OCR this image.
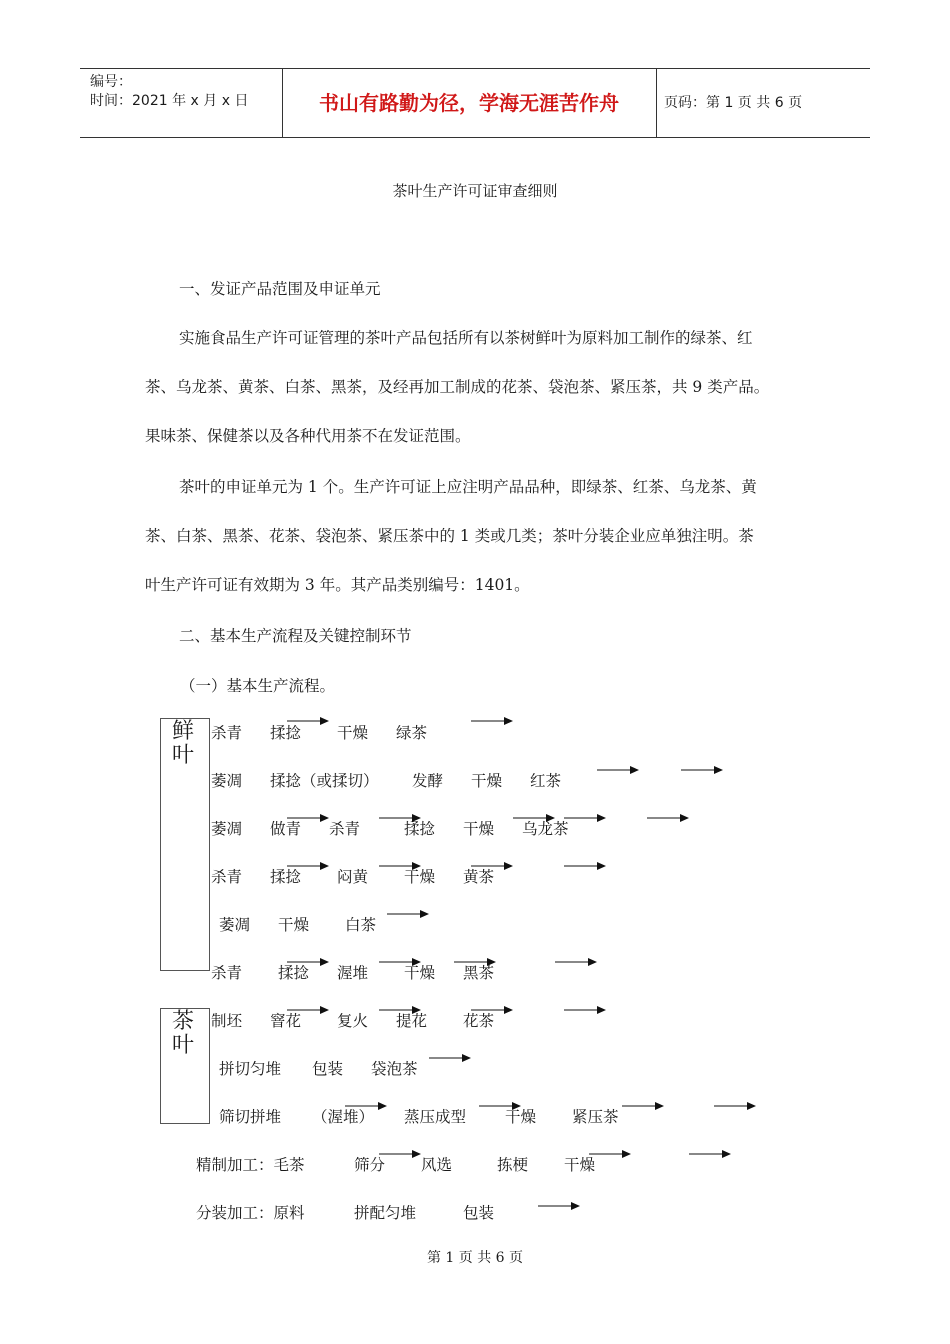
编号：
时间：2021 年 x 月 x 日	书山有路勤为径，学海无涯苦作舟	页码：第 1 页 共 6 页
茶叶生产许可证审查细则
一、发证产品范围及申证单元
实施食品生产许可证管理的茶叶产品包括所有以茶树鲜叶为原料加工制作的绿茶、红
茶、乌龙茶、黄茶、白茶、黑茶，及经再加工制成的花茶、袋泡茶、紧压茶，共 9 类产品。
果味茶、保健茶以及各种代用茶不在发证范围。
茶叶的申证单元为 1 个。生产许可证上应注明产品品种，即绿茶、红茶、乌龙茶、黄
茶、白茶、黑茶、花茶、袋泡茶、紧压茶中的 1 类或几类；茶叶分装企业应单独注明。茶
叶生产许可证有效期为 3 年。其产品类别编号：1401。
二、基本生产流程及关键控制环节
（一）基本生产流程。
鲜
叶
茶
叶
杀青 揉捻 干燥 绿茶
萎凋 揉捻（或揉切） 发酵 干燥 红茶
萎凋 做青 杀青	揉捻 干燥 乌龙茶
杀青 揉捻 闷黄 干燥 黄茶
萎凋 干燥 白茶
杀青 揉捻 渥堆 干燥 黑茶
制坯 窨花 复火 提花 花茶
拼切匀堆 包装 袋泡茶
筛切拼堆 （渥堆） 蒸压成型	干燥 紧压茶
精制加工：毛茶	筛分 风选	拣梗 干燥
分装加工：原料	拼配匀堆	包装
第 1 页 共 6 页
